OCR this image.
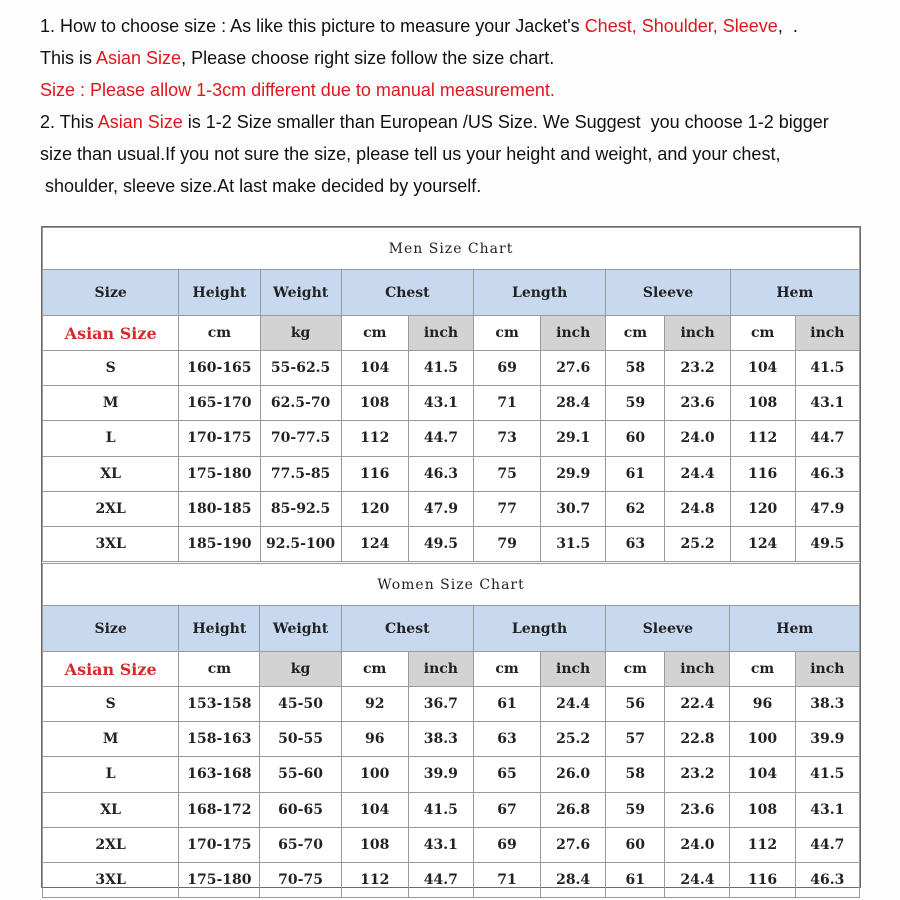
1. How to choose size : As like this picture to measure your Jacket's Chest, Shoulder, Sleeve,  .
This is Asian Size, Please choose right size follow the size chart.
Size : Please allow 1-3cm different due to manual measurement.
2. This Asian Size is 1-2 Size smaller than European /US Size. We Suggest  you choose 1-2 bigger
size than usual.If you not sure the size, please tell us your height and weight, and your chest,
shoulder, sleeve size.At last make decided by yourself.
Men Size Chart										
Size	Height	Weight	Chest		Length		Sleeve		Hem	
Asian Size	cm	kg	cm	inch	cm	inch	cm	inch	cm	inch
S	160-165	55-62.5	104	41.5	69	27.6	58	23.2	104	41.5
M	165-170	62.5-70	108	43.1	71	28.4	59	23.6	108	43.1
L	170-175	70-77.5	112	44.7	73	29.1	60	24.0	112	44.7
XL	175-180	77.5-85	116	46.3	75	29.9	61	24.4	116	46.3
2XL	180-185	85-92.5	120	47.9	77	30.7	62	24.8	120	47.9
3XL	185-190	92.5-100	124	49.5	79	31.5	63	25.2	124	49.5
Women Size Chart										
Size	Height	Weight	Chest		Length		Sleeve		Hem	
Asian Size	cm	kg	cm	inch	cm	inch	cm	inch	cm	inch
S	153-158	45-50	92	36.7	61	24.4	56	22.4	96	38.3
M	158-163	50-55	96	38.3	63	25.2	57	22.8	100	39.9
L	163-168	55-60	100	39.9	65	26.0	58	23.2	104	41.5
XL	168-172	60-65	104	41.5	67	26.8	59	23.6	108	43.1
2XL	170-175	65-70	108	43.1	69	27.6	60	24.0	112	44.7
3XL	175-180	70-75	112	44.7	71	28.4	61	24.4	116	46.3
